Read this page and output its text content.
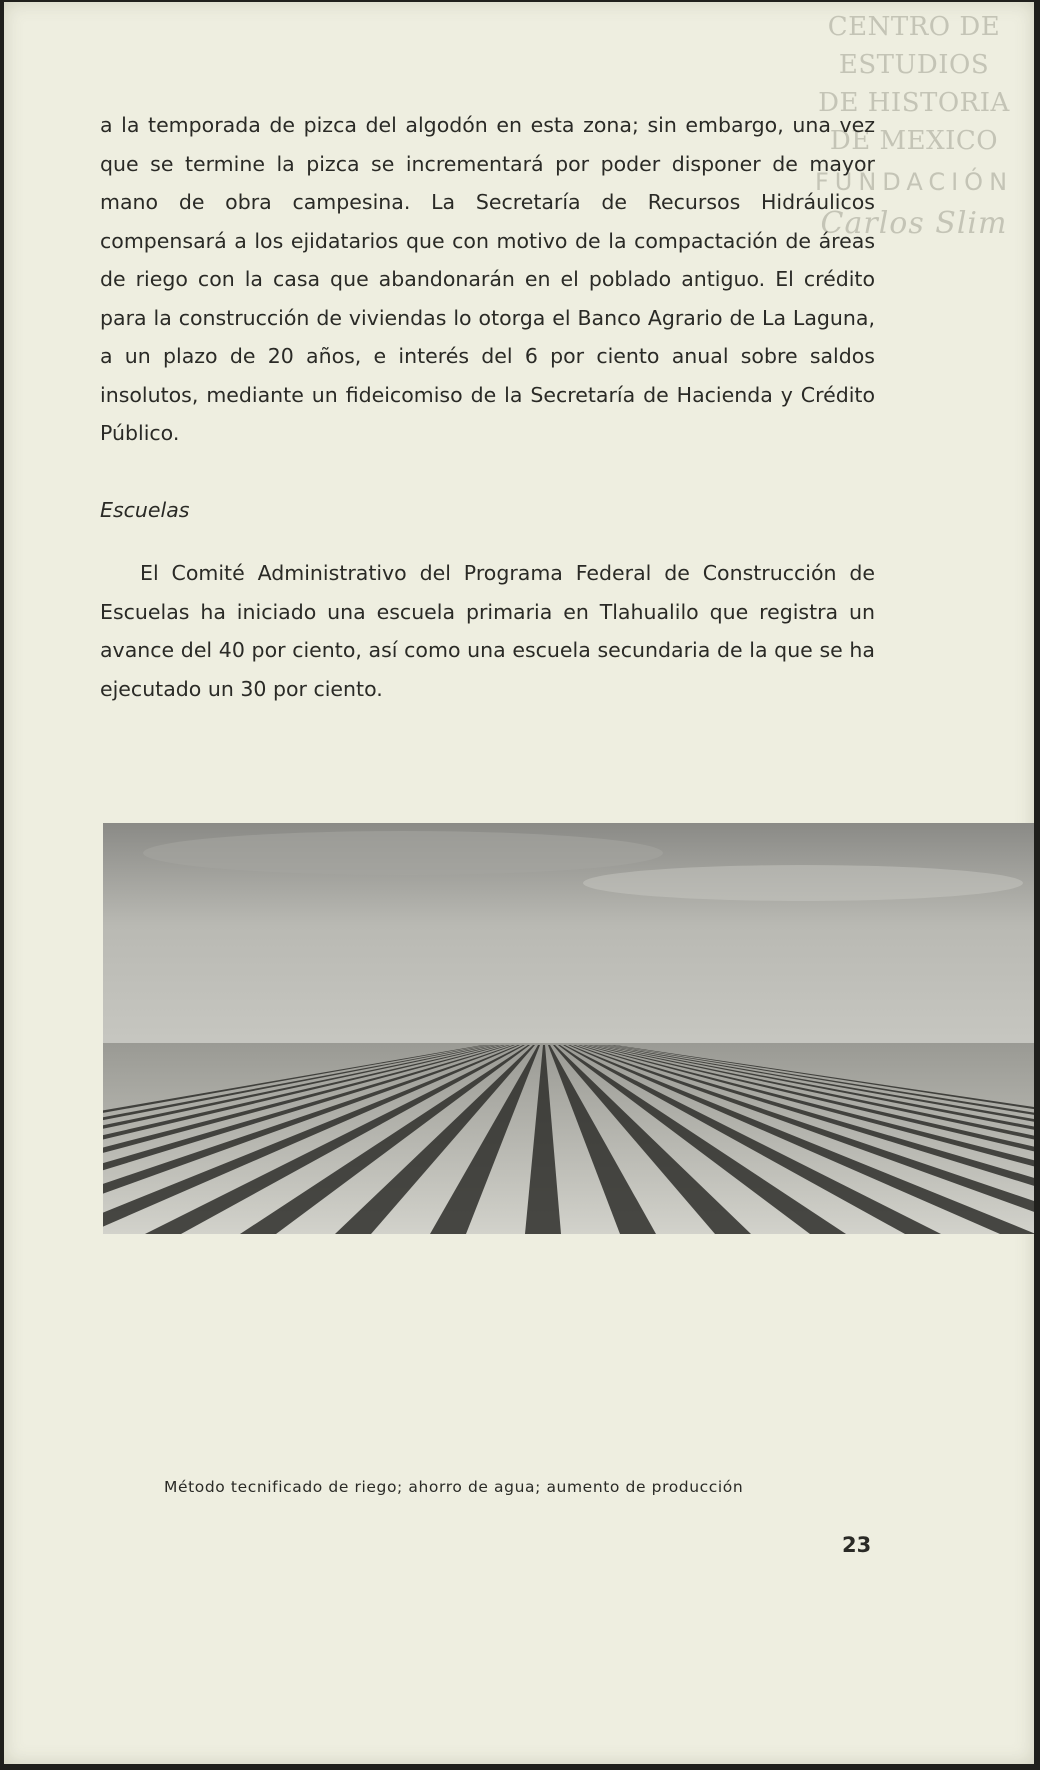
CENTRO DE
ESTUDIOS
DE HISTORIA
DE MEXICO
FUNDACIÓN
Carlos Slim

a la temporada de pizca del algodón en esta zona; sin embargo, una vez que se termine la pizca se incrementará por poder disponer de mayor mano de obra campesina. La Secretaría de Recursos Hidráulicos compensará a los ejidatarios que con motivo de la compactación de áreas de riego con la casa que abandonarán en el poblado antiguo. El crédito para la construcción de viviendas lo otorga el Banco Agrario de La Laguna, a un plazo de 20 años, e interés del 6 por ciento anual sobre saldos insolutos, mediante un fideicomiso de la Secretaría de Hacienda y Crédito Público.

Escuelas

El Comité Administrativo del Programa Federal de Construcción de Escuelas ha iniciado una escuela primaria en Tlahualilo que registra un avance del 40 por ciento, así como una escuela secundaria de la que se ha ejecutado un 30 por ciento.

Método tecnificado de riego; ahorro de agua; aumento de producción
23
